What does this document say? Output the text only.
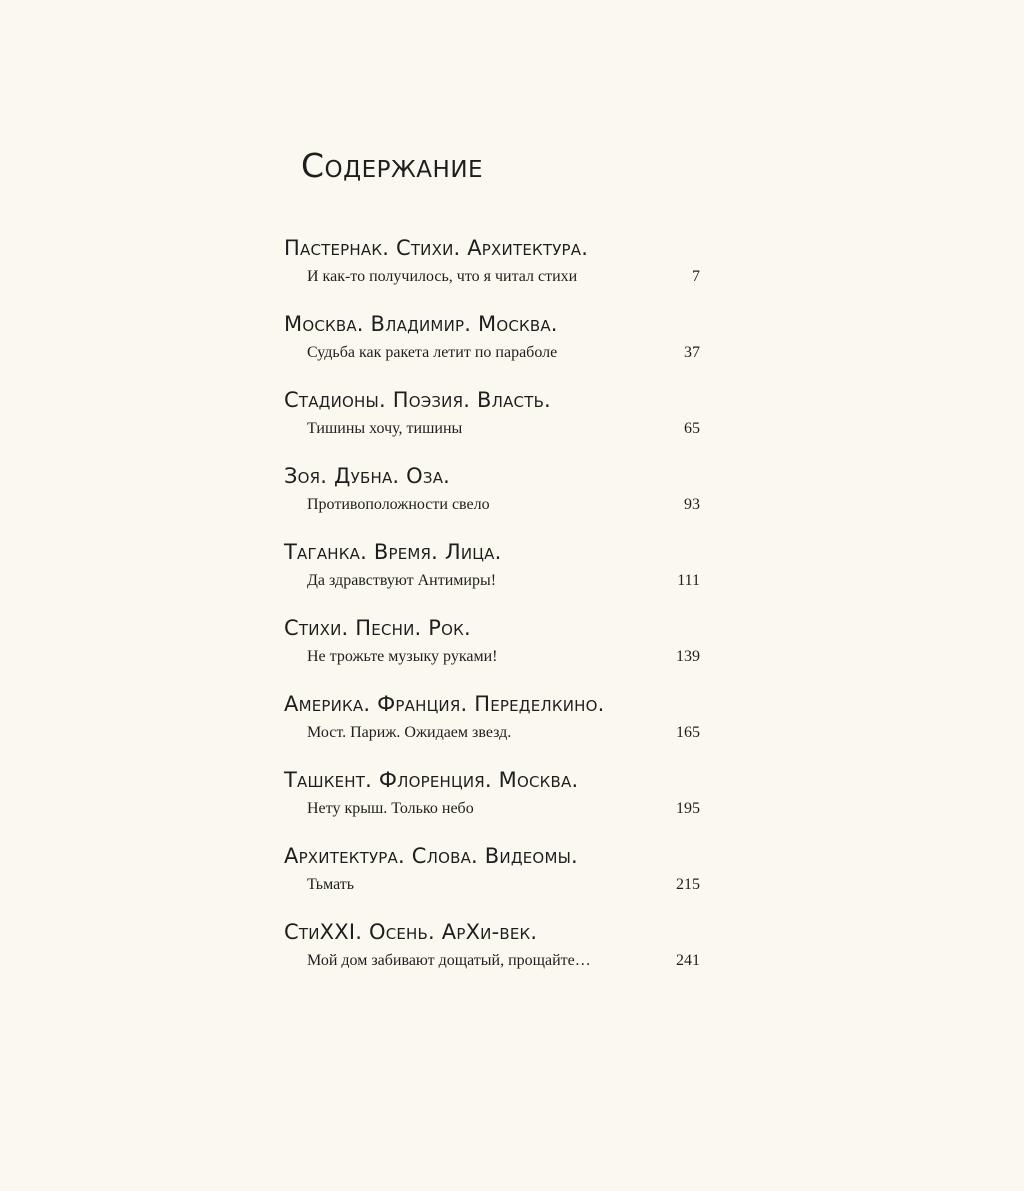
Содержание
Пастернак. Стихи. Архитектура.
И как-то получилось, что я читал стихи	7
Москва. Владимир. Москва.
Судьба как ракета летит по параболе	37
Стадионы. Поэзия. Власть.
Тишины хочу, тишины	65
Зоя. Дубна. Оза.
Противоположности свело	93
Таганка. Время. Лица.
Да здравствуют Антимиры!	111
Стихи. Песни. Рок.
Не трожьте музыку руками!	139
Америка. Франция. Переделкино.
Мост. Париж. Ожидаем звезд.	165
Ташкент. Флоренция. Москва.
Нету крыш. Только небо	195
Архитектура. Слова. Видеомы.
Тьмать	215
СтиXXI. Осень. АрХи-век.
Мой дом забивают дощатый, прощайте…	241
